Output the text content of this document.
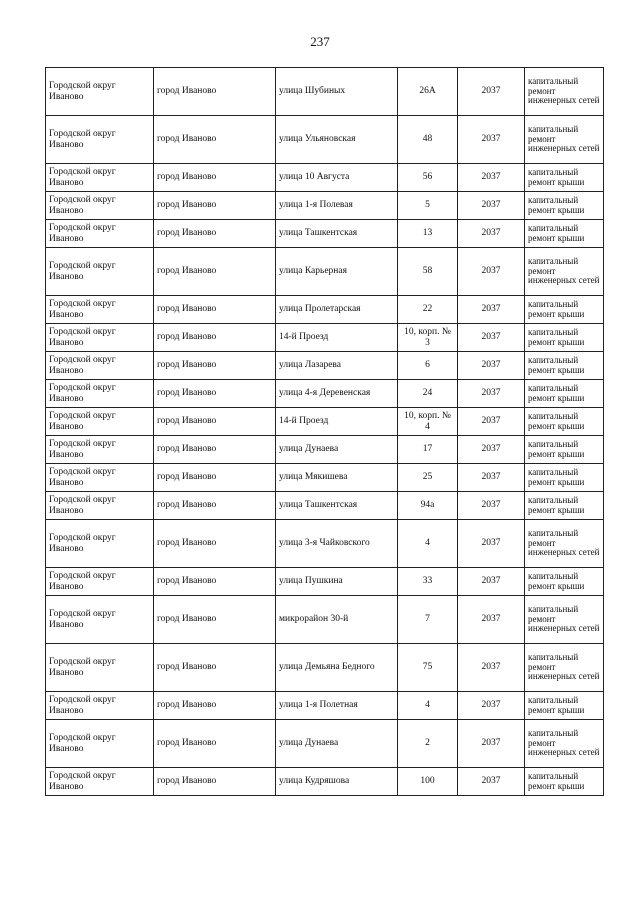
237
Городской округ Иваново	город Иваново	улица Шубиных	26А	2037	капитальный ремонт инженерных сетей
Городской округ Иваново	город Иваново	улица Ульяновская	48	2037	капитальный ремонт инженерных сетей
Городской округ Иваново	город Иваново	улица 10 Августа	56	2037	капитальный ремонт крыши
Городской округ Иваново	город Иваново	улица 1-я Полевая	5	2037	капитальный ремонт крыши
Городской округ Иваново	город Иваново	улица Ташкентская	13	2037	капитальный ремонт крыши
Городской округ Иваново	город Иваново	улица Карьерная	58	2037	капитальный ремонт инженерных сетей
Городской округ Иваново	город Иваново	улица Пролетарская	22	2037	капитальный ремонт крыши
Городской округ Иваново	город Иваново	14-й Проезд	10, корп. № 3	2037	капитальный ремонт крыши
Городской округ Иваново	город Иваново	улица Лазарева	6	2037	капитальный ремонт крыши
Городской округ Иваново	город Иваново	улица 4-я Деревенская	24	2037	капитальный ремонт крыши
Городской округ Иваново	город Иваново	14-й Проезд	10, корп. № 4	2037	капитальный ремонт крыши
Городской округ Иваново	город Иваново	улица Дунаева	17	2037	капитальный ремонт крыши
Городской округ Иваново	город Иваново	улица Мякишева	25	2037	капитальный ремонт крыши
Городской округ Иваново	город Иваново	улица Ташкентская	94а	2037	капитальный ремонт крыши
Городской округ Иваново	город Иваново	улица 3-я Чайковского	4	2037	капитальный ремонт инженерных сетей
Городской округ Иваново	город Иваново	улица Пушкина	33	2037	капитальный ремонт крыши
Городской округ Иваново	город Иваново	микрорайон 30-й	7	2037	капитальный ремонт инженерных сетей
Городской округ Иваново	город Иваново	улица Демьяна Бедного	75	2037	капитальный ремонт инженерных сетей
Городской округ Иваново	город Иваново	улица 1-я Полетная	4	2037	капитальный ремонт крыши
Городской округ Иваново	город Иваново	улица Дунаева	2	2037	капитальный ремонт инженерных сетей
Городской округ Иваново	город Иваново	улица Кудряшова	100	2037	капитальный ремонт крыши
